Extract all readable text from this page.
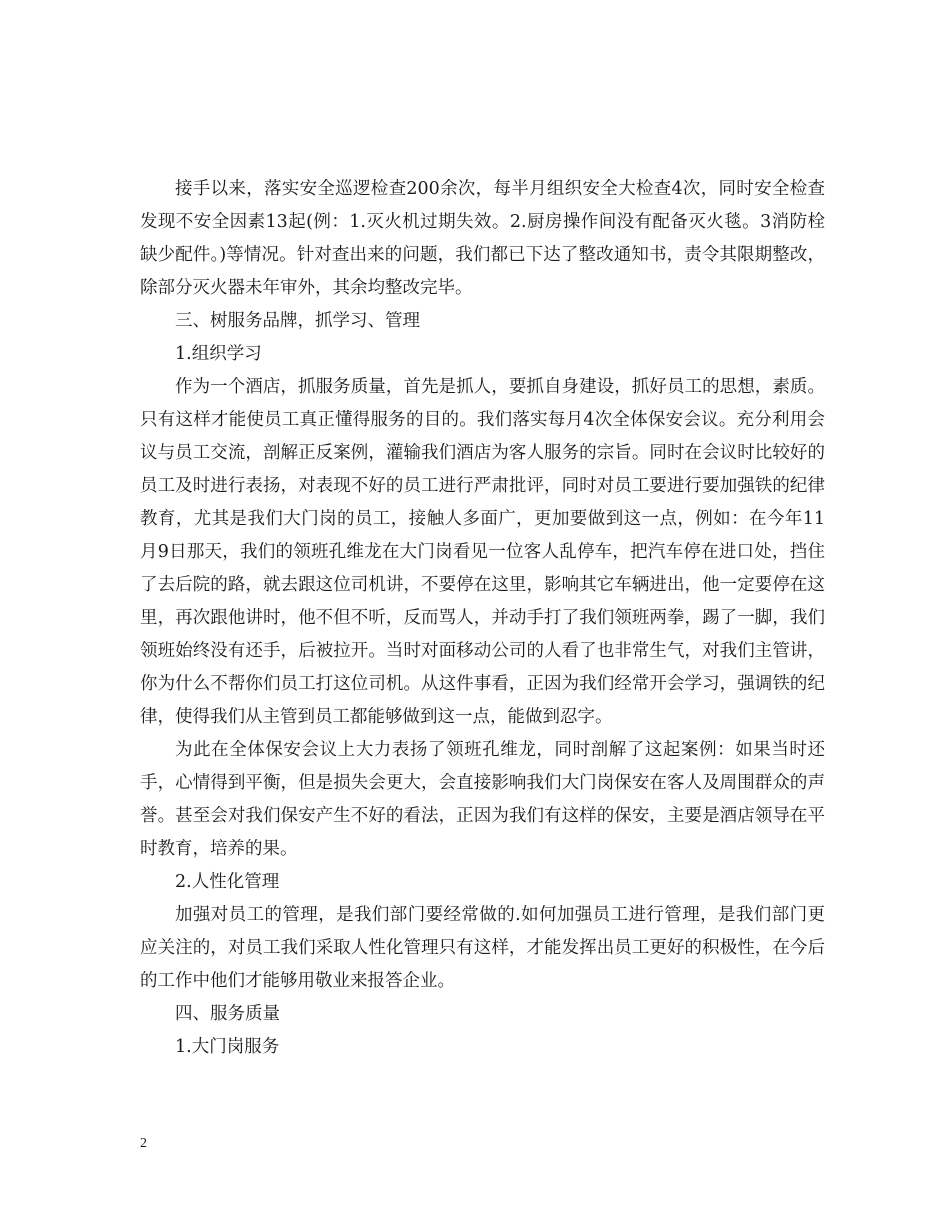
接手以来，落实安全巡逻检查200余次，每半月组织安全大检查4次，同时安全检查发现不安全因素13起(例：1.灭火机过期失效。2.厨房操作间没有配备灭火毯。3消防栓缺少配件。)等情况。针对查出来的问题，我们都已下达了整改通知书，责令其限期整改，除部分灭火器未年审外，其余均整改完毕。

三、树服务品牌，抓学习、管理

1.组织学习

作为一个酒店，抓服务质量，首先是抓人，要抓自身建设，抓好员工的思想，素质。只有这样才能使员工真正懂得服务的目的。我们落实每月4次全体保安会议。充分利用会议与员工交流，剖解正反案例，灌输我们酒店为客人服务的宗旨。同时在会议时比较好的员工及时进行表扬，对表现不好的员工进行严肃批评，同时对员工要进行要加强铁的纪律教育，尤其是我们大门岗的员工，接触人多面广，更加要做到这一点，例如：在今年11月9日那天，我们的领班孔维龙在大门岗看见一位客人乱停车，把汽车停在进口处，挡住了去后院的路，就去跟这位司机讲，不要停在这里，影响其它车辆进出，他一定要停在这里，再次跟他讲时，他不但不听，反而骂人，并动手打了我们领班两拳，踢了一脚，我们领班始终没有还手，后被拉开。当时对面移动公司的人看了也非常生气，对我们主管讲，你为什么不帮你们员工打这位司机。从这件事看，正因为我们经常开会学习，强调铁的纪律，使得我们从主管到员工都能够做到这一点，能做到忍字。

为此在全体保安会议上大力表扬了领班孔维龙，同时剖解了这起案例：如果当时还手，心情得到平衡，但是损失会更大，会直接影响我们大门岗保安在客人及周围群众的声誉。甚至会对我们保安产生不好的看法，正因为我们有这样的保安，主要是酒店领导在平时教育，培养的果。

2.人性化管理

加强对员工的管理，是我们部门要经常做的.如何加强员工进行管理，是我们部门更应关注的，对员工我们采取人性化管理只有这样，才能发挥出员工更好的积极性，在今后的工作中他们才能够用敬业来报答企业。

四、服务质量

1.大门岗服务

2
